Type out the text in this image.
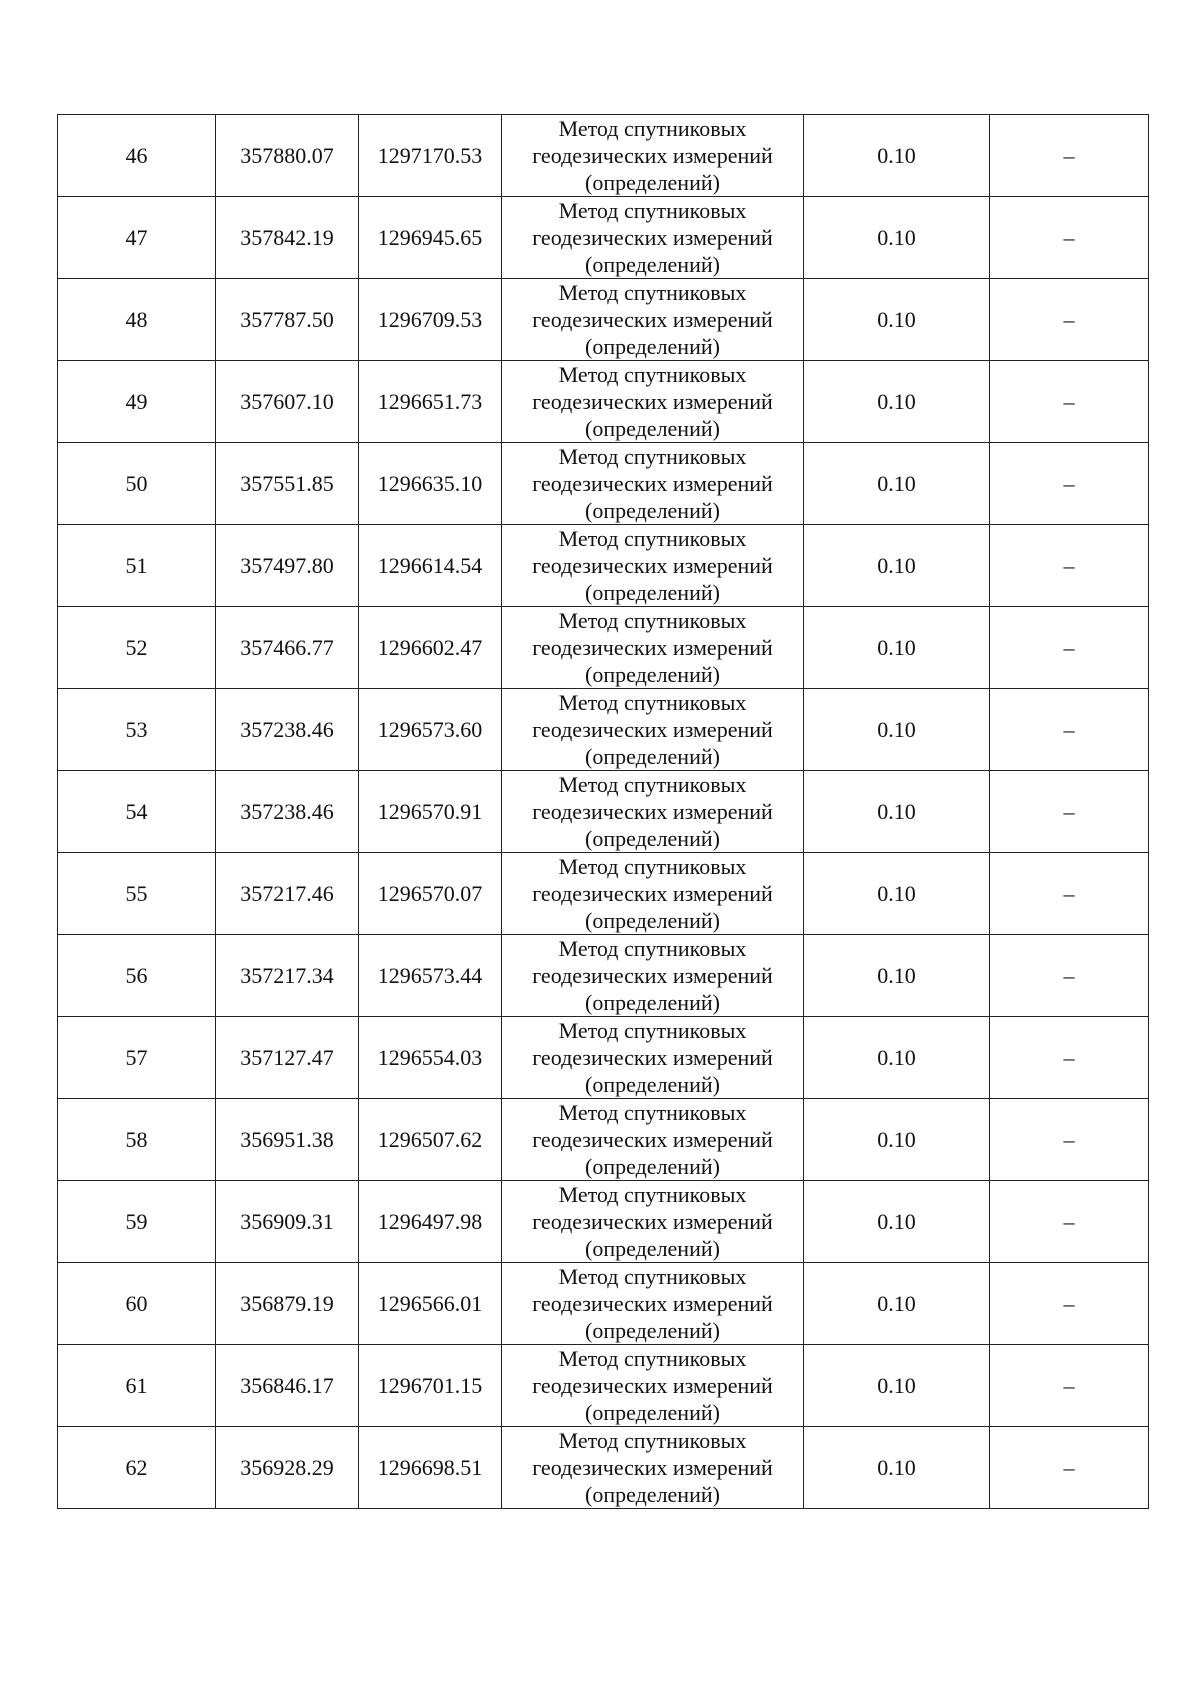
46	357880.07	1297170.53	Метод спутниковых геодезических измерений (определений)	0.10	–
47	357842.19	1296945.65	Метод спутниковых геодезических измерений (определений)	0.10	–
48	357787.50	1296709.53	Метод спутниковых геодезических измерений (определений)	0.10	–
49	357607.10	1296651.73	Метод спутниковых геодезических измерений (определений)	0.10	–
50	357551.85	1296635.10	Метод спутниковых геодезических измерений (определений)	0.10	–
51	357497.80	1296614.54	Метод спутниковых геодезических измерений (определений)	0.10	–
52	357466.77	1296602.47	Метод спутниковых геодезических измерений (определений)	0.10	–
53	357238.46	1296573.60	Метод спутниковых геодезических измерений (определений)	0.10	–
54	357238.46	1296570.91	Метод спутниковых геодезических измерений (определений)	0.10	–
55	357217.46	1296570.07	Метод спутниковых геодезических измерений (определений)	0.10	–
56	357217.34	1296573.44	Метод спутниковых геодезических измерений (определений)	0.10	–
57	357127.47	1296554.03	Метод спутниковых геодезических измерений (определений)	0.10	–
58	356951.38	1296507.62	Метод спутниковых геодезических измерений (определений)	0.10	–
59	356909.31	1296497.98	Метод спутниковых геодезических измерений (определений)	0.10	–
60	356879.19	1296566.01	Метод спутниковых геодезических измерений (определений)	0.10	–
61	356846.17	1296701.15	Метод спутниковых геодезических измерений (определений)	0.10	–
62	356928.29	1296698.51	Метод спутниковых геодезических измерений (определений)	0.10	–
